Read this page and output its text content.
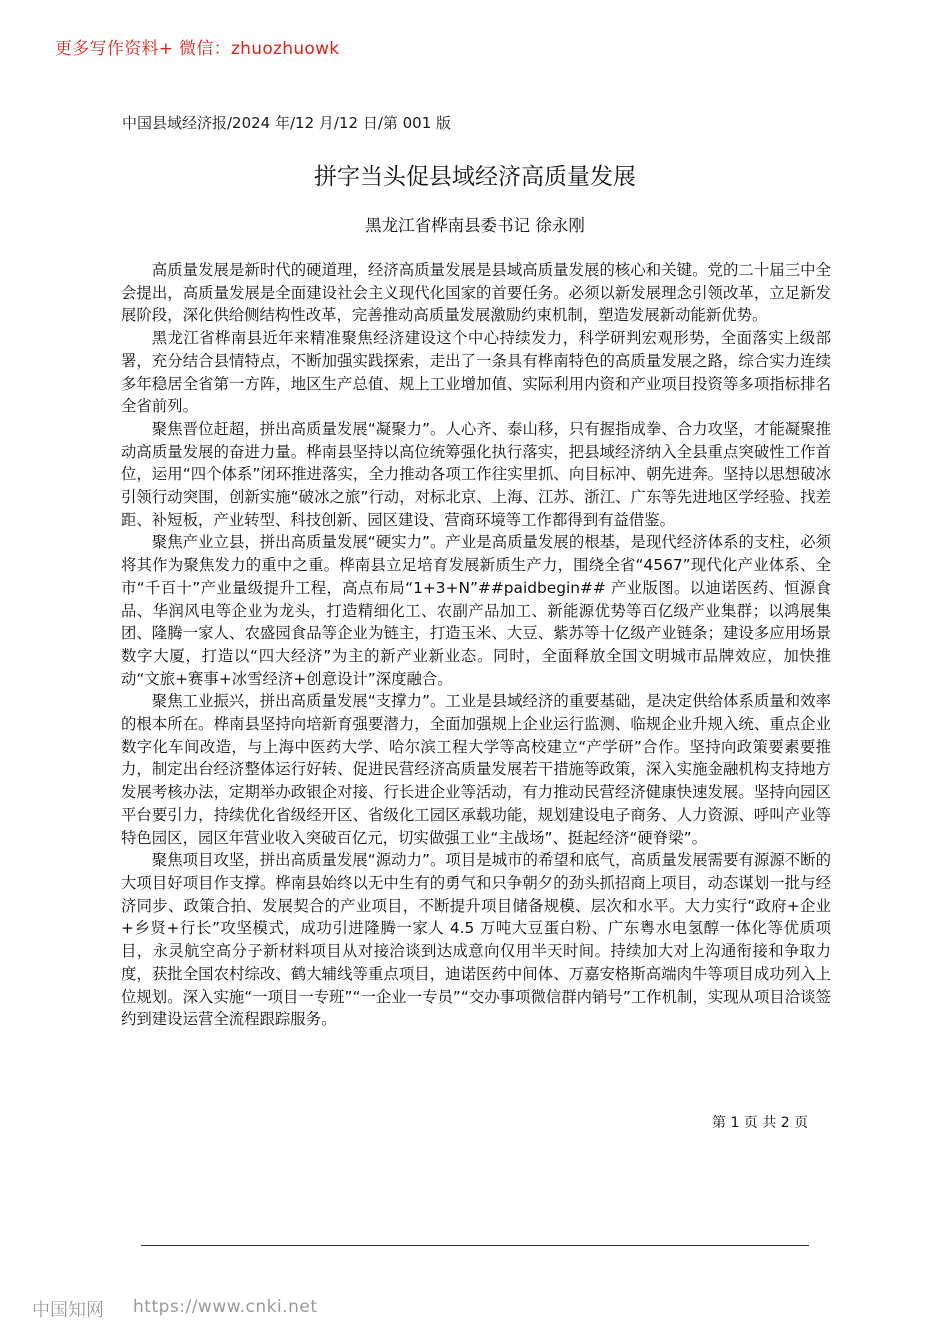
更多写作资料+ 微信：zhuozhuowk
中国县域经济报/2024 年/12 月/12 日/第 001 版
拼字当头促县域经济高质量发展
黑龙江省桦南县委书记 徐永刚

高质量发展是新时代的硬道理，经济高质量发展是县域高质量发展的核心和关键。党的二十届三中全会提出，高质量发展是全面建设社会主义现代化国家的首要任务。必须以新发展理念引领改革，立足新发展阶段，深化供给侧结构性改革，完善推动高质量发展激励约束机制，塑造发展新动能新优势。

黑龙江省桦南县近年来精准聚焦经济建设这个中心持续发力，科学研判宏观形势，全面落实上级部署，充分结合县情特点，不断加强实践探索，走出了一条具有桦南特色的高质量发展之路，综合实力连续多年稳居全省第一方阵，地区生产总值、规上工业增加值、实际利用内资和产业项目投资等多项指标排名全省前列。

聚焦晋位赶超，拼出高质量发展“凝聚力”。人心齐、泰山移，只有握指成拳、合力攻坚，才能凝聚推动高质量发展的奋进力量。桦南县坚持以高位统筹强化执行落实，把县域经济纳入全县重点突破性工作首位，运用“四个体系”闭环推进落实，全力推动各项工作往实里抓、向目标冲、朝先进奔。坚持以思想破冰引领行动突围，创新实施“破冰之旅”行动，对标北京、上海、江苏、浙江、广东等先进地区学经验、找差距、补短板，产业转型、科技创新、园区建设、营商环境等工作都得到有益借鉴。

聚焦产业立县，拼出高质量发展“硬实力”。产业是高质量发展的根基，是现代经济体系的支柱，必须将其作为聚焦发力的重中之重。桦南县立足培育发展新质生产力，围绕全省“4567”现代化产业体系、全市“千百十”产业量级提升工程，高点布局“1+3+N”##paidbegin## 产业版图。以迪诺医药、恒源食品、华润风电等企业为龙头，打造精细化工、农副产品加工、新能源优势等百亿级产业集群；以鸿展集团、隆腾一家人、农盛园食品等企业为链主，打造玉米、大豆、紫苏等十亿级产业链条；建设多应用场景数字大厦，打造以“四大经济”为主的新产业新业态。同时，全面释放全国文明城市品牌效应，加快推动“文旅+赛事+冰雪经济+创意设计”深度融合。

聚焦工业振兴，拼出高质量发展“支撑力”。工业是县域经济的重要基础，是决定供给体系质量和效率的根本所在。桦南县坚持向培新育强要潜力，全面加强规上企业运行监测、临规企业升规入统、重点企业数字化车间改造，与上海中医药大学、哈尔滨工程大学等高校建立“产学研”合作。坚持向政策要素要推力，制定出台经济整体运行好转、促进民营经济高质量发展若干措施等政策，深入实施金融机构支持地方发展考核办法，定期举办政银企对接、行长进企业等活动，有力推动民营经济健康快速发展。坚持向园区平台要引力，持续优化省级经开区、省级化工园区承载功能，规划建设电子商务、人力资源、呼叫产业等特色园区，园区年营业收入突破百亿元，切实做强工业“主战场”、挺起经济“硬脊梁”。

聚焦项目攻坚，拼出高质量发展“源动力”。项目是城市的希望和底气，高质量发展需要有源源不断的大项目好项目作支撑。桦南县始终以无中生有的勇气和只争朝夕的劲头抓招商上项目，动态谋划一批与经济同步、政策合拍、发展契合的产业项目，不断提升项目储备规模、层次和水平。大力实行“政府+企业+乡贤+行长”攻坚模式，成功引进隆腾一家人 4.5 万吨大豆蛋白粉、广东粤水电氢醇一体化等优质项目，永灵航空高分子新材料项目从对接洽谈到达成意向仅用半天时间。持续加大对上沟通衔接和争取力度，获批全国农村综改、鹤大辅线等重点项目，迪诺医药中间体、万嘉安格斯高端肉牛等项目成功列入上位规划。深入实施“一项目一专班”“一企业一专员”“交办事项微信群内销号”工作机制，实现从项目洽谈签约到建设运营全流程跟踪服务。

第 1 页 共 2 页
中国知网 https://www.cnki.net
